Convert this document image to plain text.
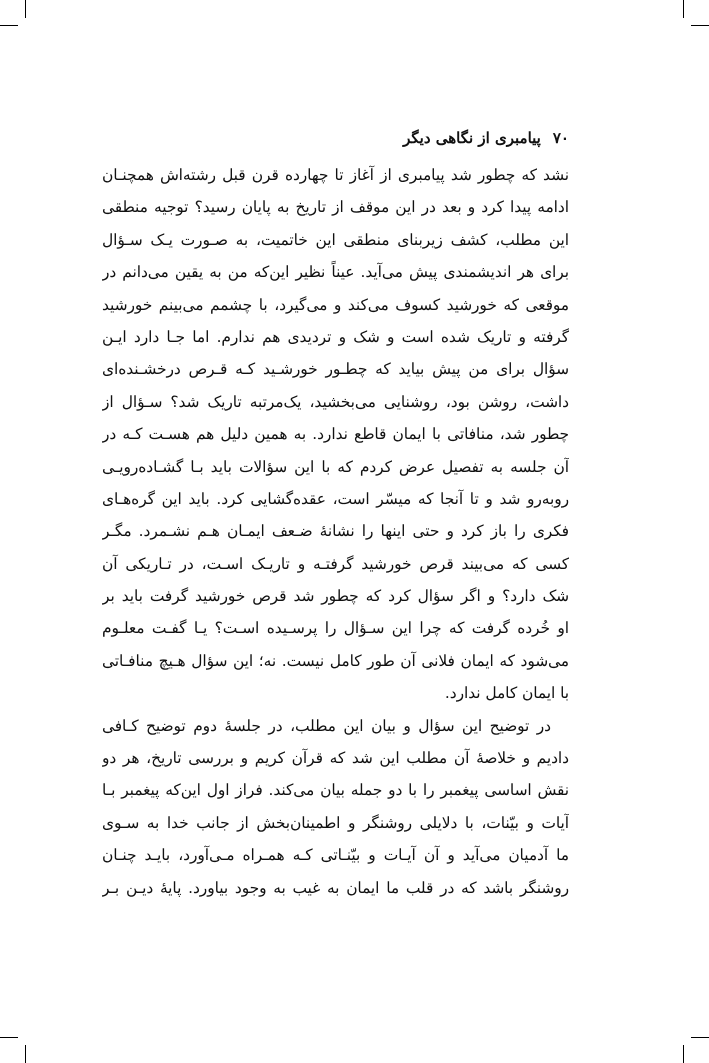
۷۰
پیامبری از نگاهی دیگر
نشد که چطور شد پیامبری از آغاز تا چهارده قرن قبل رشته‌اش همچنـان
ادامه پیدا کرد و بعد در این موقف از تاریخ به پایان رسید؟ توجیه منطقی
این مطلب، کشف زیربنای منطقی این خاتمیت، به صـورت یـک سـؤال
برای هر اندیشمندی پیش می‌آید. عیناً نظیر این‌که من به یقین می‌دانم در
موقعی که خورشید کسوف می‌کند و می‌گیرد، با چشمم می‌بینم خورشید
گرفته و تاریک شده است و شک و تردیدی هم ندارم. اما جـا دارد ایـن
سؤال برای من پیش بیاید که چطـور خورشـید کـه قـرص درخشـنده‌ای
داشت، روشن بود، روشنایی می‌بخشید، یک‌مرتبه تاریک شد؟ سـؤال از
چطور شد، منافاتی با ایمان قاطع ندارد. به همین دلیل هم هسـت کـه در
آن جلسه به تفصیل عرض کردم که با این سؤالات باید بـا گشـاده‌رویـی
روبه‌رو شد و تا آنجا که میسّر است، عقده‌گشایی کرد. باید این گره‌هـای
فکری را باز کرد و حتی اینها را نشانۀ ضـعف ایمـان هـم نشـمرد. مگـر
کسی که می‌بیند قرص خورشید گرفتـه و تاریـک اسـت، در تـاریکی آن
شک دارد؟ و اگر سؤال کرد که چطور شد قرص خورشید گرفت باید بر
او خُرده گرفت که چرا این سـؤال را پرسـیده اسـت؟ یـا گفـت معلـوم
می‌شود که ایمان فلانی آن طور کامل نیست. نه؛ این سؤال هـیچ منافـاتی
با ایمان کامل ندارد.
در توضیح این سؤال و بیان این مطلب، در جلسۀ دوم توضیح کـافی
دادیم و خلاصۀ آن مطلب این شد که قرآن کریم و بررسی تاریخ، هر دو
نقش اساسی پیغمبر را با دو جمله بیان می‌کند. فراز اول این‌که پیغمبر بـا
آیات و بیّنات، با دلایلی روشنگر و اطمینان‌بخش از جانب خدا به سـوی
ما آدمیان می‌آید و آن آیـات و بیّنـاتی کـه همـراه مـی‌آورد، بایـد چنـان
روشنگر باشد که در قلب ما ایمان به غیب به وجود بیاورد. پایۀ دیـن بـر
